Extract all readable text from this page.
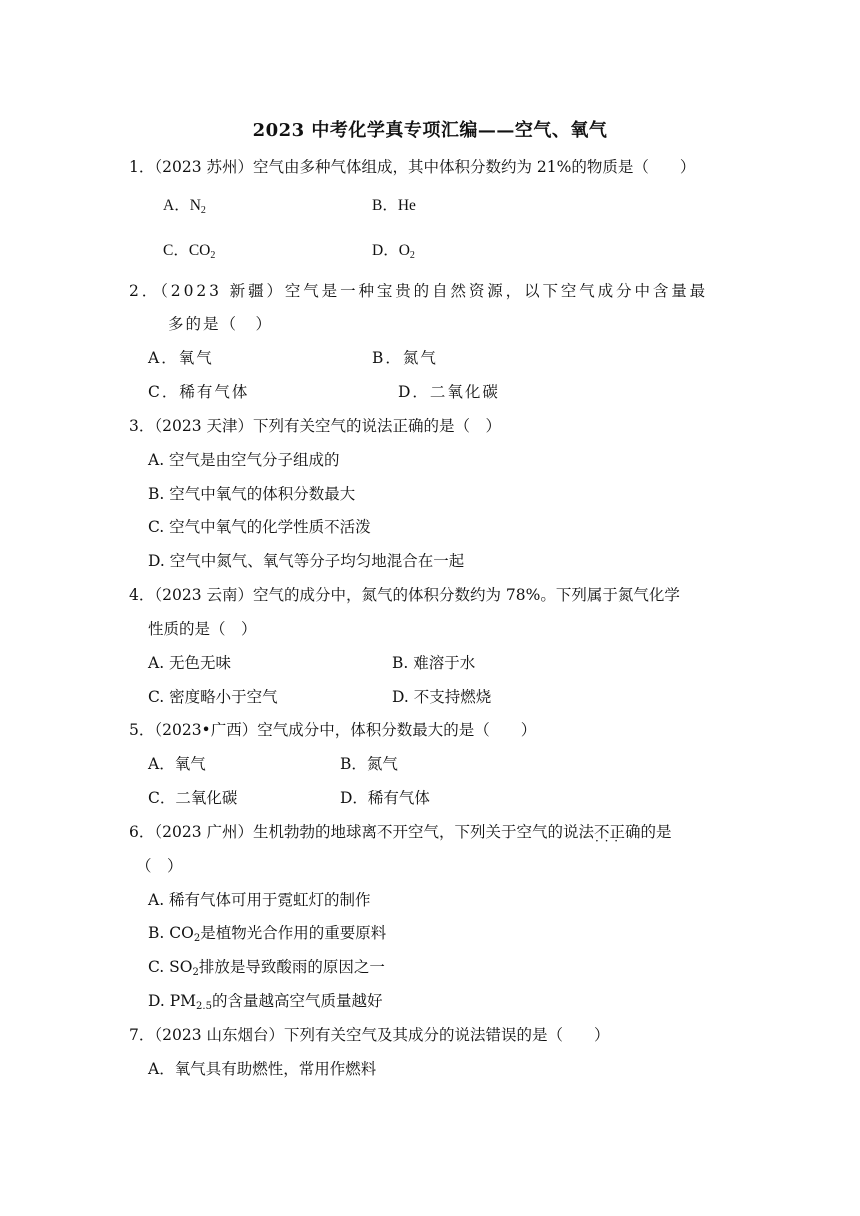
2023 中考化学真专项汇编——空气、氧气
1．（2023 苏州）空气由多种气体组成，其中体积分数约为 21%的物质是（　　）
A．$N_2$	B．He
C．$CO_2$	D．$O_2$
2．（2023 新疆）空气是一种宝贵的自然资源，以下空气成分中含量最
多的是（　）
A．氧气	B．氮气
C．稀有气体	D．二氧化碳
3．（2023 天津）下列有关空气的说法正确的是（　）
A. 空气是由空气分子组成的
B. 空气中氧气的体积分数最大
C. 空气中氧气的化学性质不活泼
D. 空气中氮气、氧气等分子均匀地混合在一起
4．（2023 云南）空气的成分中，氮气的体积分数约为 78%。下列属于氮气化学
性质的是（　）
A. 无色无味	B. 难溶于水
C. 密度略小于空气	D. 不支持燃烧
5．（2023•广西）空气成分中，体积分数最大的是（　　）
A．氧气	B．氮气
C．二氧化碳	D．稀有气体
6．（2023 广州）生机勃勃的地球离不开空气，下列关于空气的说法不正确 · · ·的是
（　）
A. 稀有气体可用于霓虹灯的制作
B. $CO_2$是植物光合作用的重要原料
C. $SO_2$排放是导致酸雨的原因之一
D. $PM_{2.5}$的含量越高空气质量越好
7．（2023 山东烟台）下列有关空气及其成分的说法错误的是（　　）
A．氧气具有助燃性，常用作燃料
